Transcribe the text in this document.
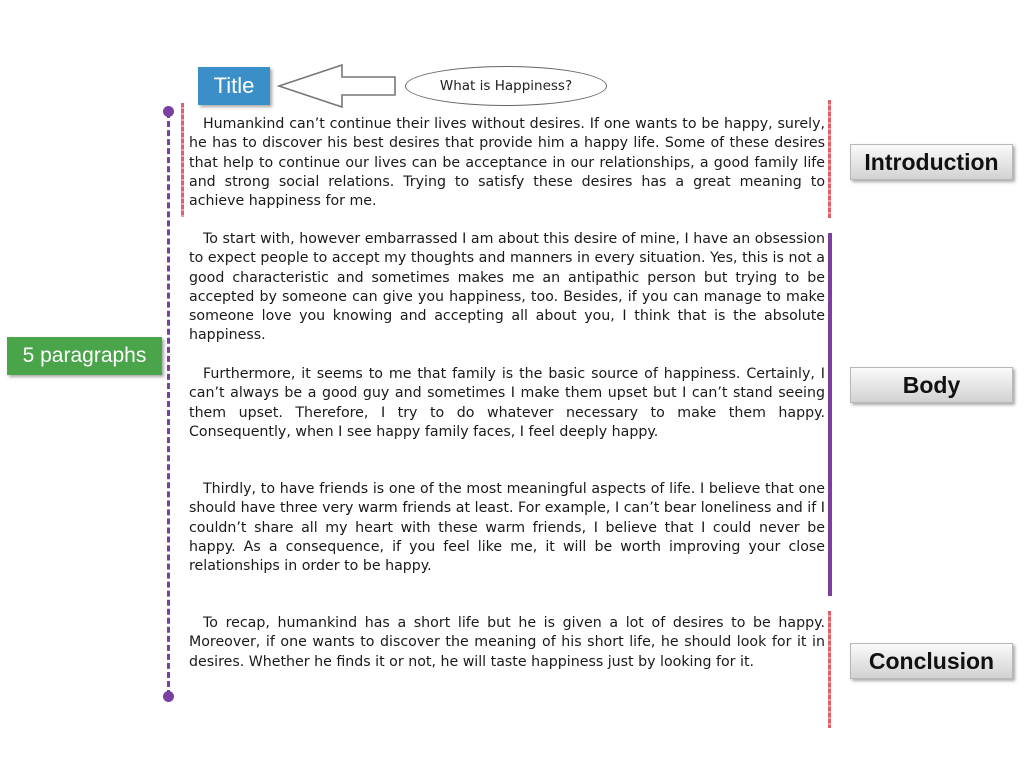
Title	What is Happiness?
5 paragraphs
Humankind can’t continue their lives without desires. If one wants to be happy, surely, he has to discover his best desires that provide him a happy life. Some of these desires that help to continue our lives can be acceptance in our relationships, a good family life and strong social relations. Trying to satisfy these desires has a great meaning to achieve happiness for me.
To start with, however embarrassed I am about this desire of mine, I have an obsession to expect people to accept my thoughts and manners in every situation. Yes, this is not a good characteristic and sometimes makes me an antipathic person but trying to be accepted by someone can give you happiness, too. Besides, if you can manage to make someone love you knowing and accepting all about you, I think that is the absolute happiness.
Furthermore, it seems to me that family is the basic source of happiness. Certainly, I can’t always be a good guy and sometimes I make them upset but I can’t stand seeing them upset. Therefore, I try to do whatever necessary to make them happy. Consequently, when I see happy family faces, I feel deeply happy.
Thirdly, to have friends is one of the most meaningful aspects of life. I believe that one should have three very warm friends at least. For example, I can’t bear loneliness and if I couldn’t share all my heart with these warm friends, I believe that I could never be happy. As a consequence, if you feel like me, it will be worth improving your close relationships in order to be happy.
To recap, humankind has a short life but he is given a lot of desires to be happy. Moreover, if one wants to discover the meaning of his short life, he should look for it in desires. Whether he finds it or not, he will taste happiness just by looking for it.
Introduction
Body
Conclusion
